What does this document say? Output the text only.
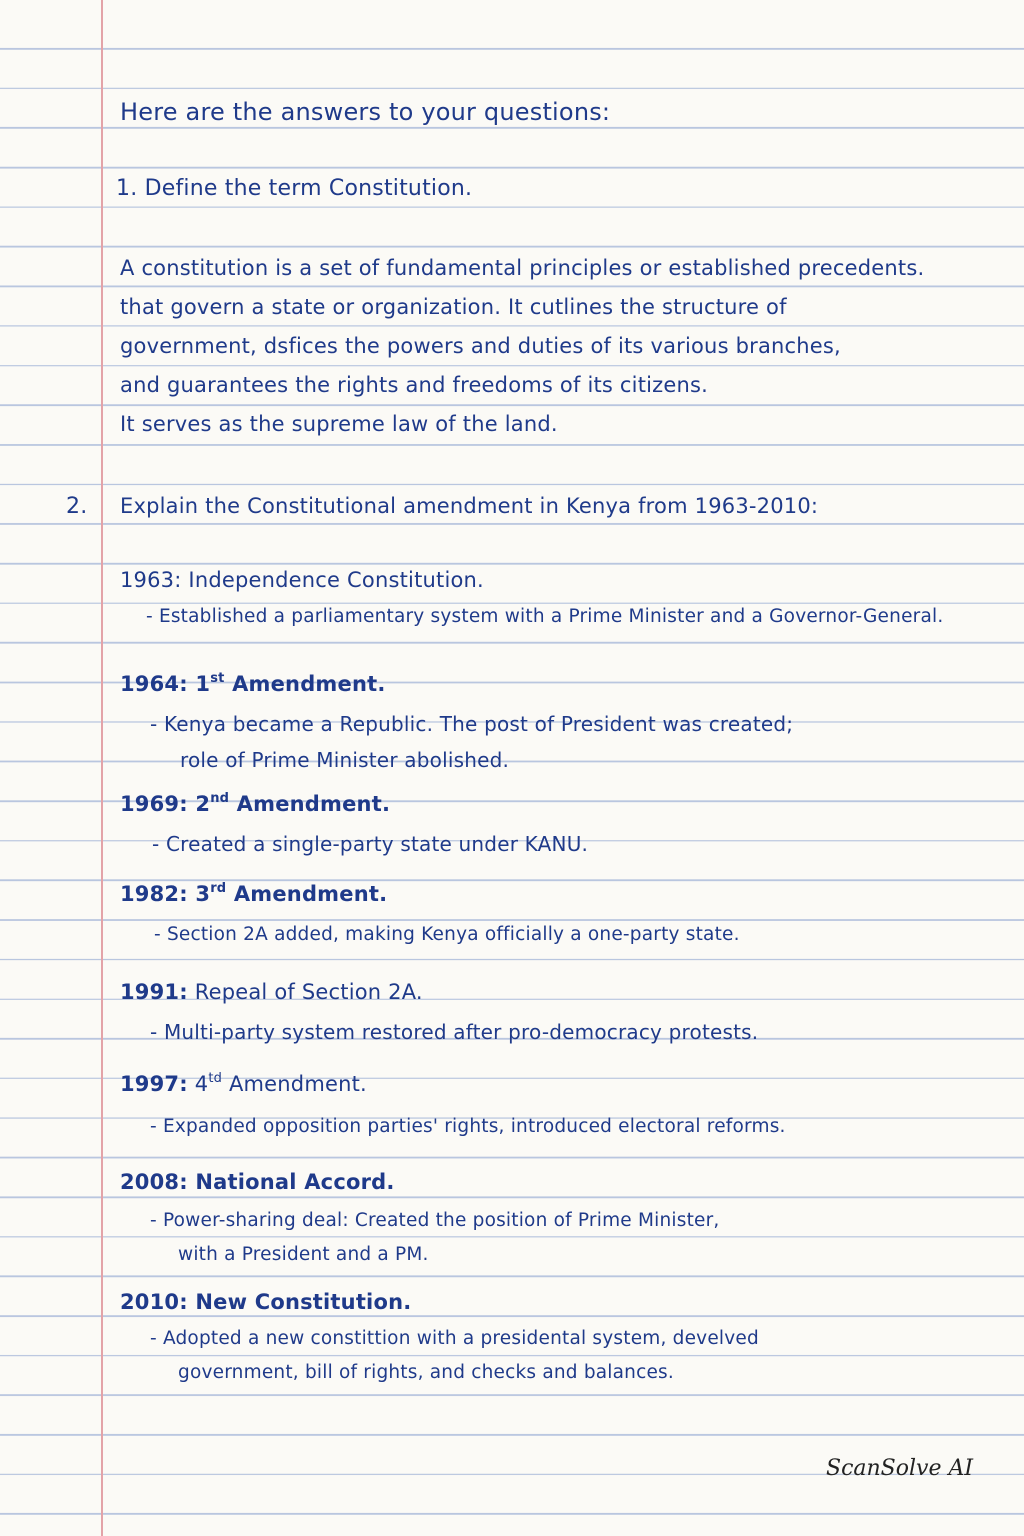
Here are the answers to your questions:
1. Define the term Constitution.
A constitution is a set of fundamental principles or established precedents.
that govern a state or organization. It cutlines the structure of
government, dsfices the powers and duties of its various branches,
and guarantees the rights and freedoms of its citizens.
It serves as the supreme law of the land.
2. Explain the Constitutional amendment in Kenya from 1963-2010:
1963: Independence Constitution.
- Established a parliamentary system with a Prime Minister and a Governor-General.
1964: 1st Amendment.
- Kenya became a Republic. The post of President was created;
role of Prime Minister abolished.
1969: 2nd Amendment.
- Created a single-party state under KANU.
1982: 3rd Amendment.
- Section 2A added, making Kenya officially a one-party state.
1991: Repeal of Section 2A.
- Multi-party system restored after pro-democracy protests.
1997: $4^{td}$ Amendment.
- Expanded opposition parties' rights, introduced electoral reforms.
2008: National Accord.
- Power-sharing deal: Created the position of Prime Minister,
with a President and a PM.
2010: New Constitution.
- Adopted a new constittion with a presidental system, develved
government, bill of rights, and checks and balances.
ScanSolve AI
